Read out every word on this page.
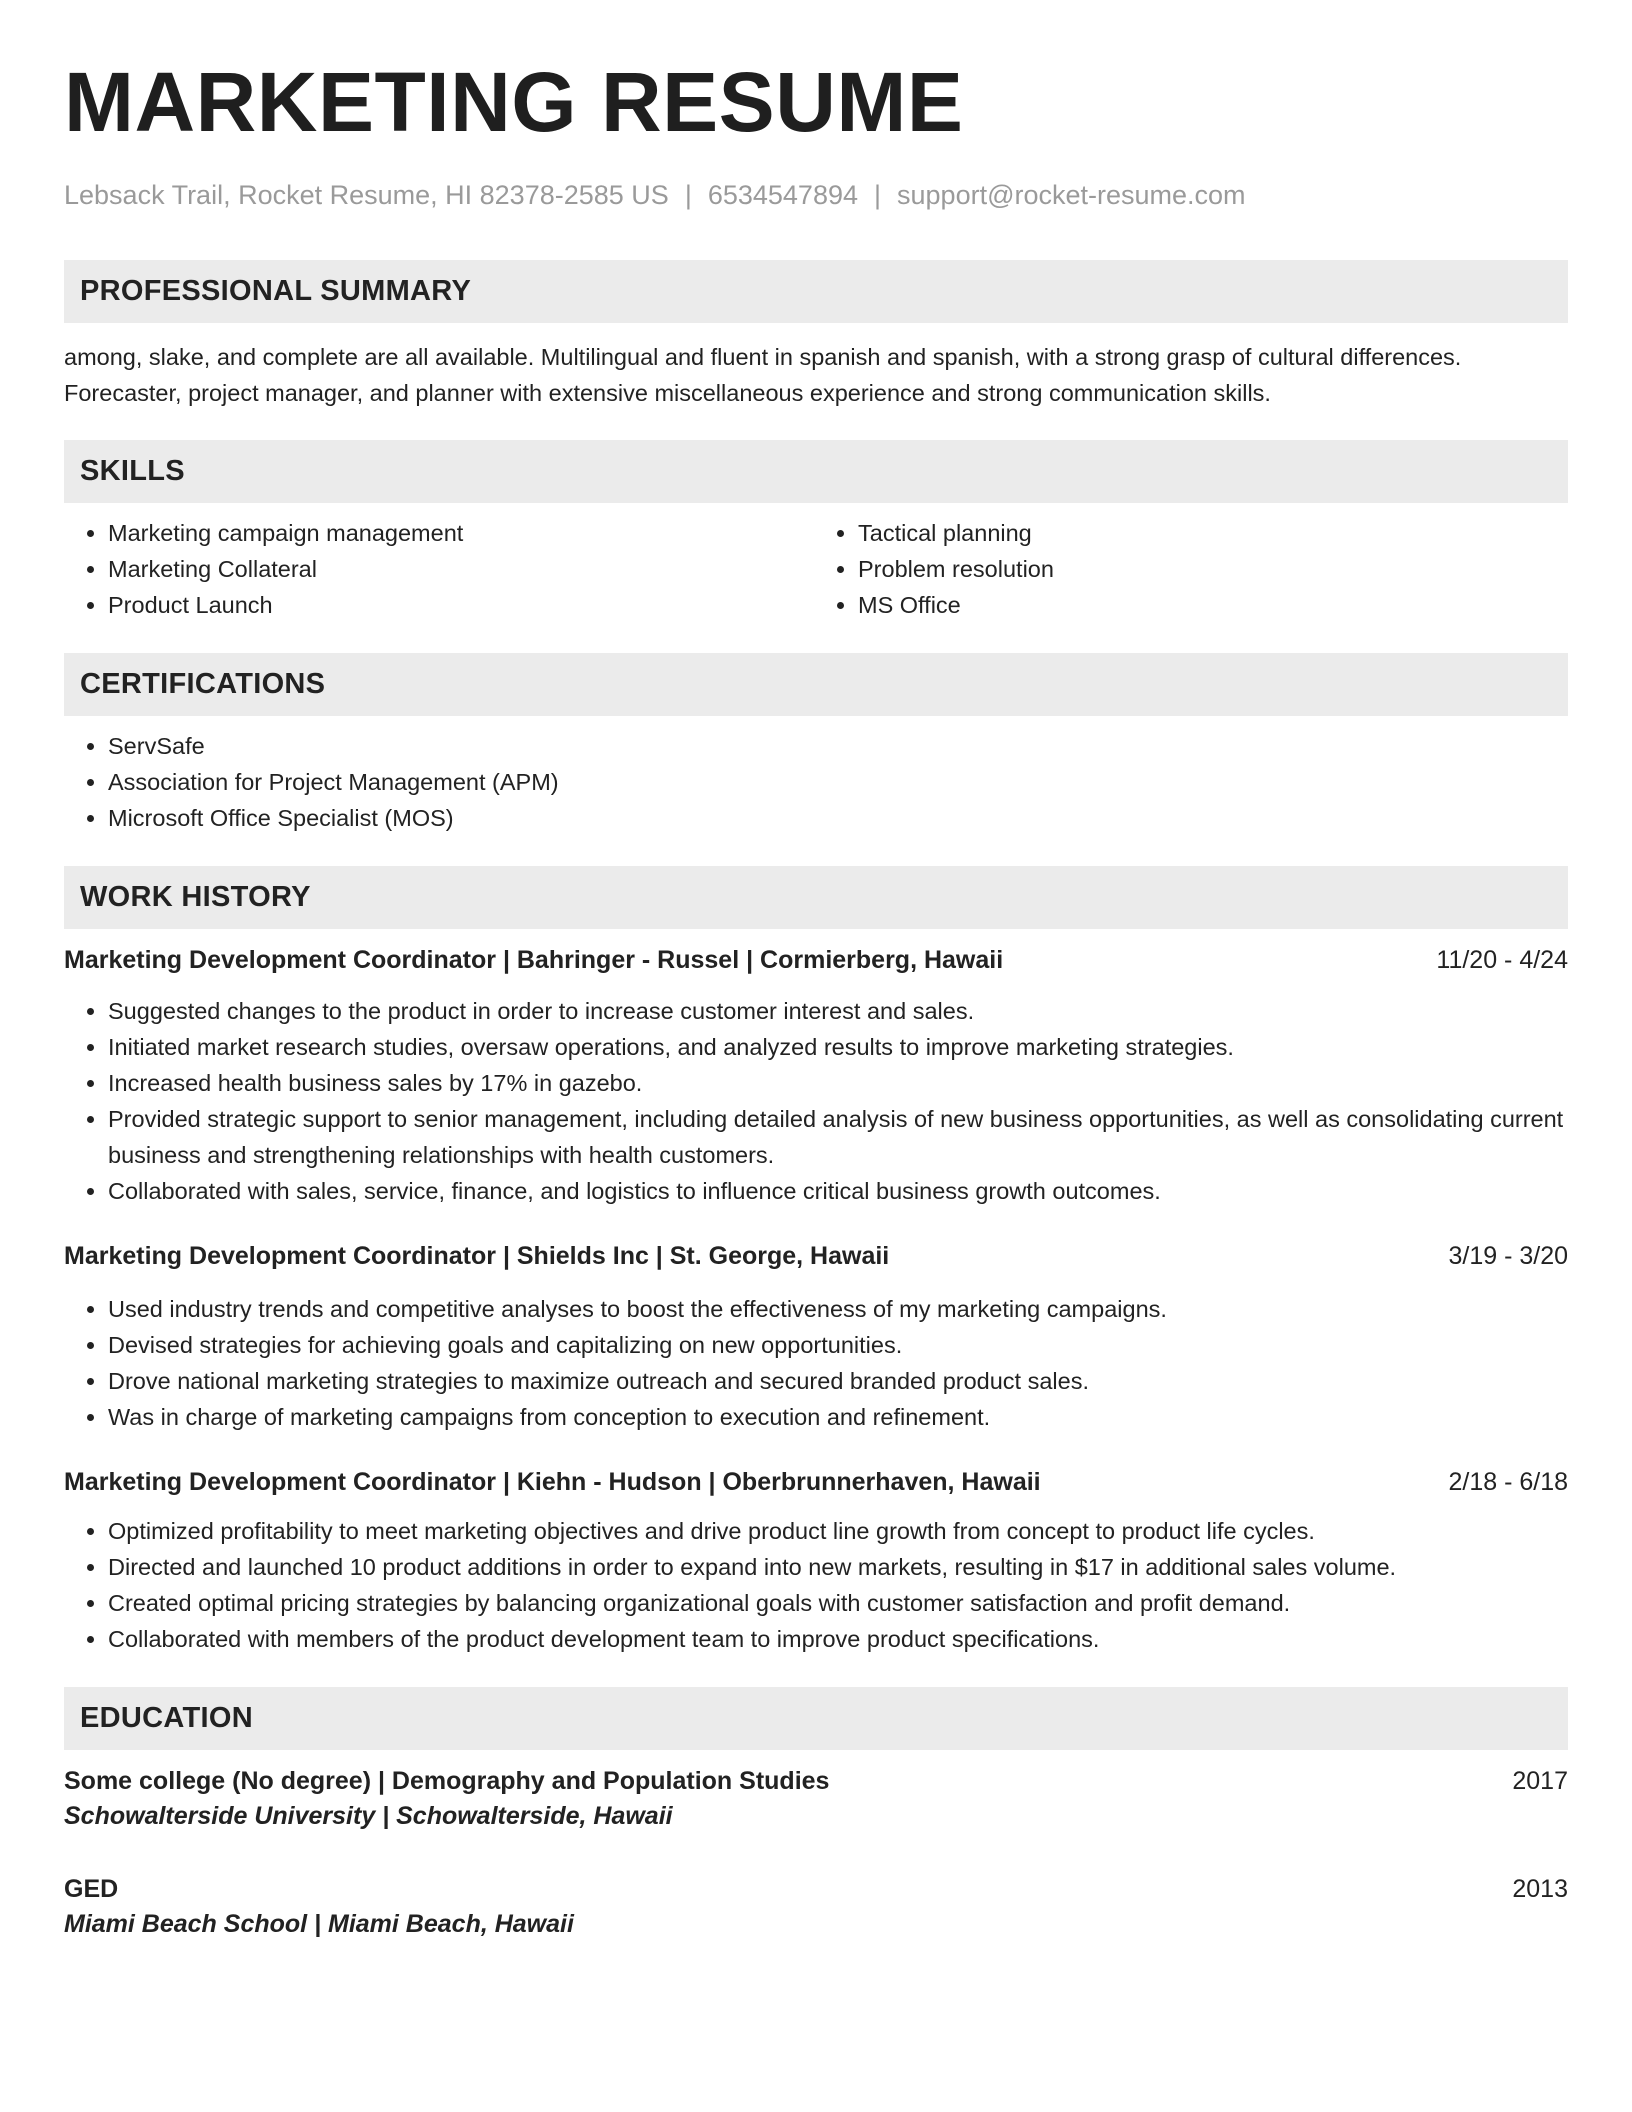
MARKETING RESUME
Lebsack Trail, Rocket Resume, HI 82378-2585 US | 6534547894 | support@rocket-resume.com
PROFESSIONAL SUMMARY

among, slake, and complete are all available. Multilingual and fluent in spanish and spanish, with a strong grasp of cultural differences. Forecaster, project manager, and planner with extensive miscellaneous experience and strong communication skills.

SKILLS
• Marketing campaign management
• Marketing Collateral
• Product Launch
• Tactical planning
• Problem resolution
• MS Office
CERTIFICATIONS
• ServSafe
• Association for Project Management (APM)
• Microsoft Office Specialist (MOS)
WORK HISTORY
Marketing Development Coordinator | Bahringer - Russel | Cormierberg, Hawaii	11/20 - 4/24
• Suggested changes to the product in order to increase customer interest and sales.
• Initiated market research studies, oversaw operations, and analyzed results to improve marketing strategies.
• Increased health business sales by 17% in gazebo.
• Provided strategic support to senior management, including detailed analysis of new business opportunities, as well as consolidating current business and strengthening relationships with health customers.
• Collaborated with sales, service, finance, and logistics to influence critical business growth outcomes.
Marketing Development Coordinator | Shields Inc | St. George, Hawaii	3/19 - 3/20
• Used industry trends and competitive analyses to boost the effectiveness of my marketing campaigns.
• Devised strategies for achieving goals and capitalizing on new opportunities.
• Drove national marketing strategies to maximize outreach and secured branded product sales.
• Was in charge of marketing campaigns from conception to execution and refinement.
Marketing Development Coordinator | Kiehn - Hudson | Oberbrunnerhaven, Hawaii	2/18 - 6/18
• Optimized profitability to meet marketing objectives and drive product line growth from concept to product life cycles.
• Directed and launched 10 product additions in order to expand into new markets, resulting in $17 in additional sales volume.
• Created optimal pricing strategies by balancing organizational goals with customer satisfaction and profit demand.
• Collaborated with members of the product development team to improve product specifications.
EDUCATION
Some college (No degree) | Demography and Population Studies	2017
Schowalterside University | Schowalterside, Hawaii
GED	2013
Miami Beach School | Miami Beach, Hawaii
